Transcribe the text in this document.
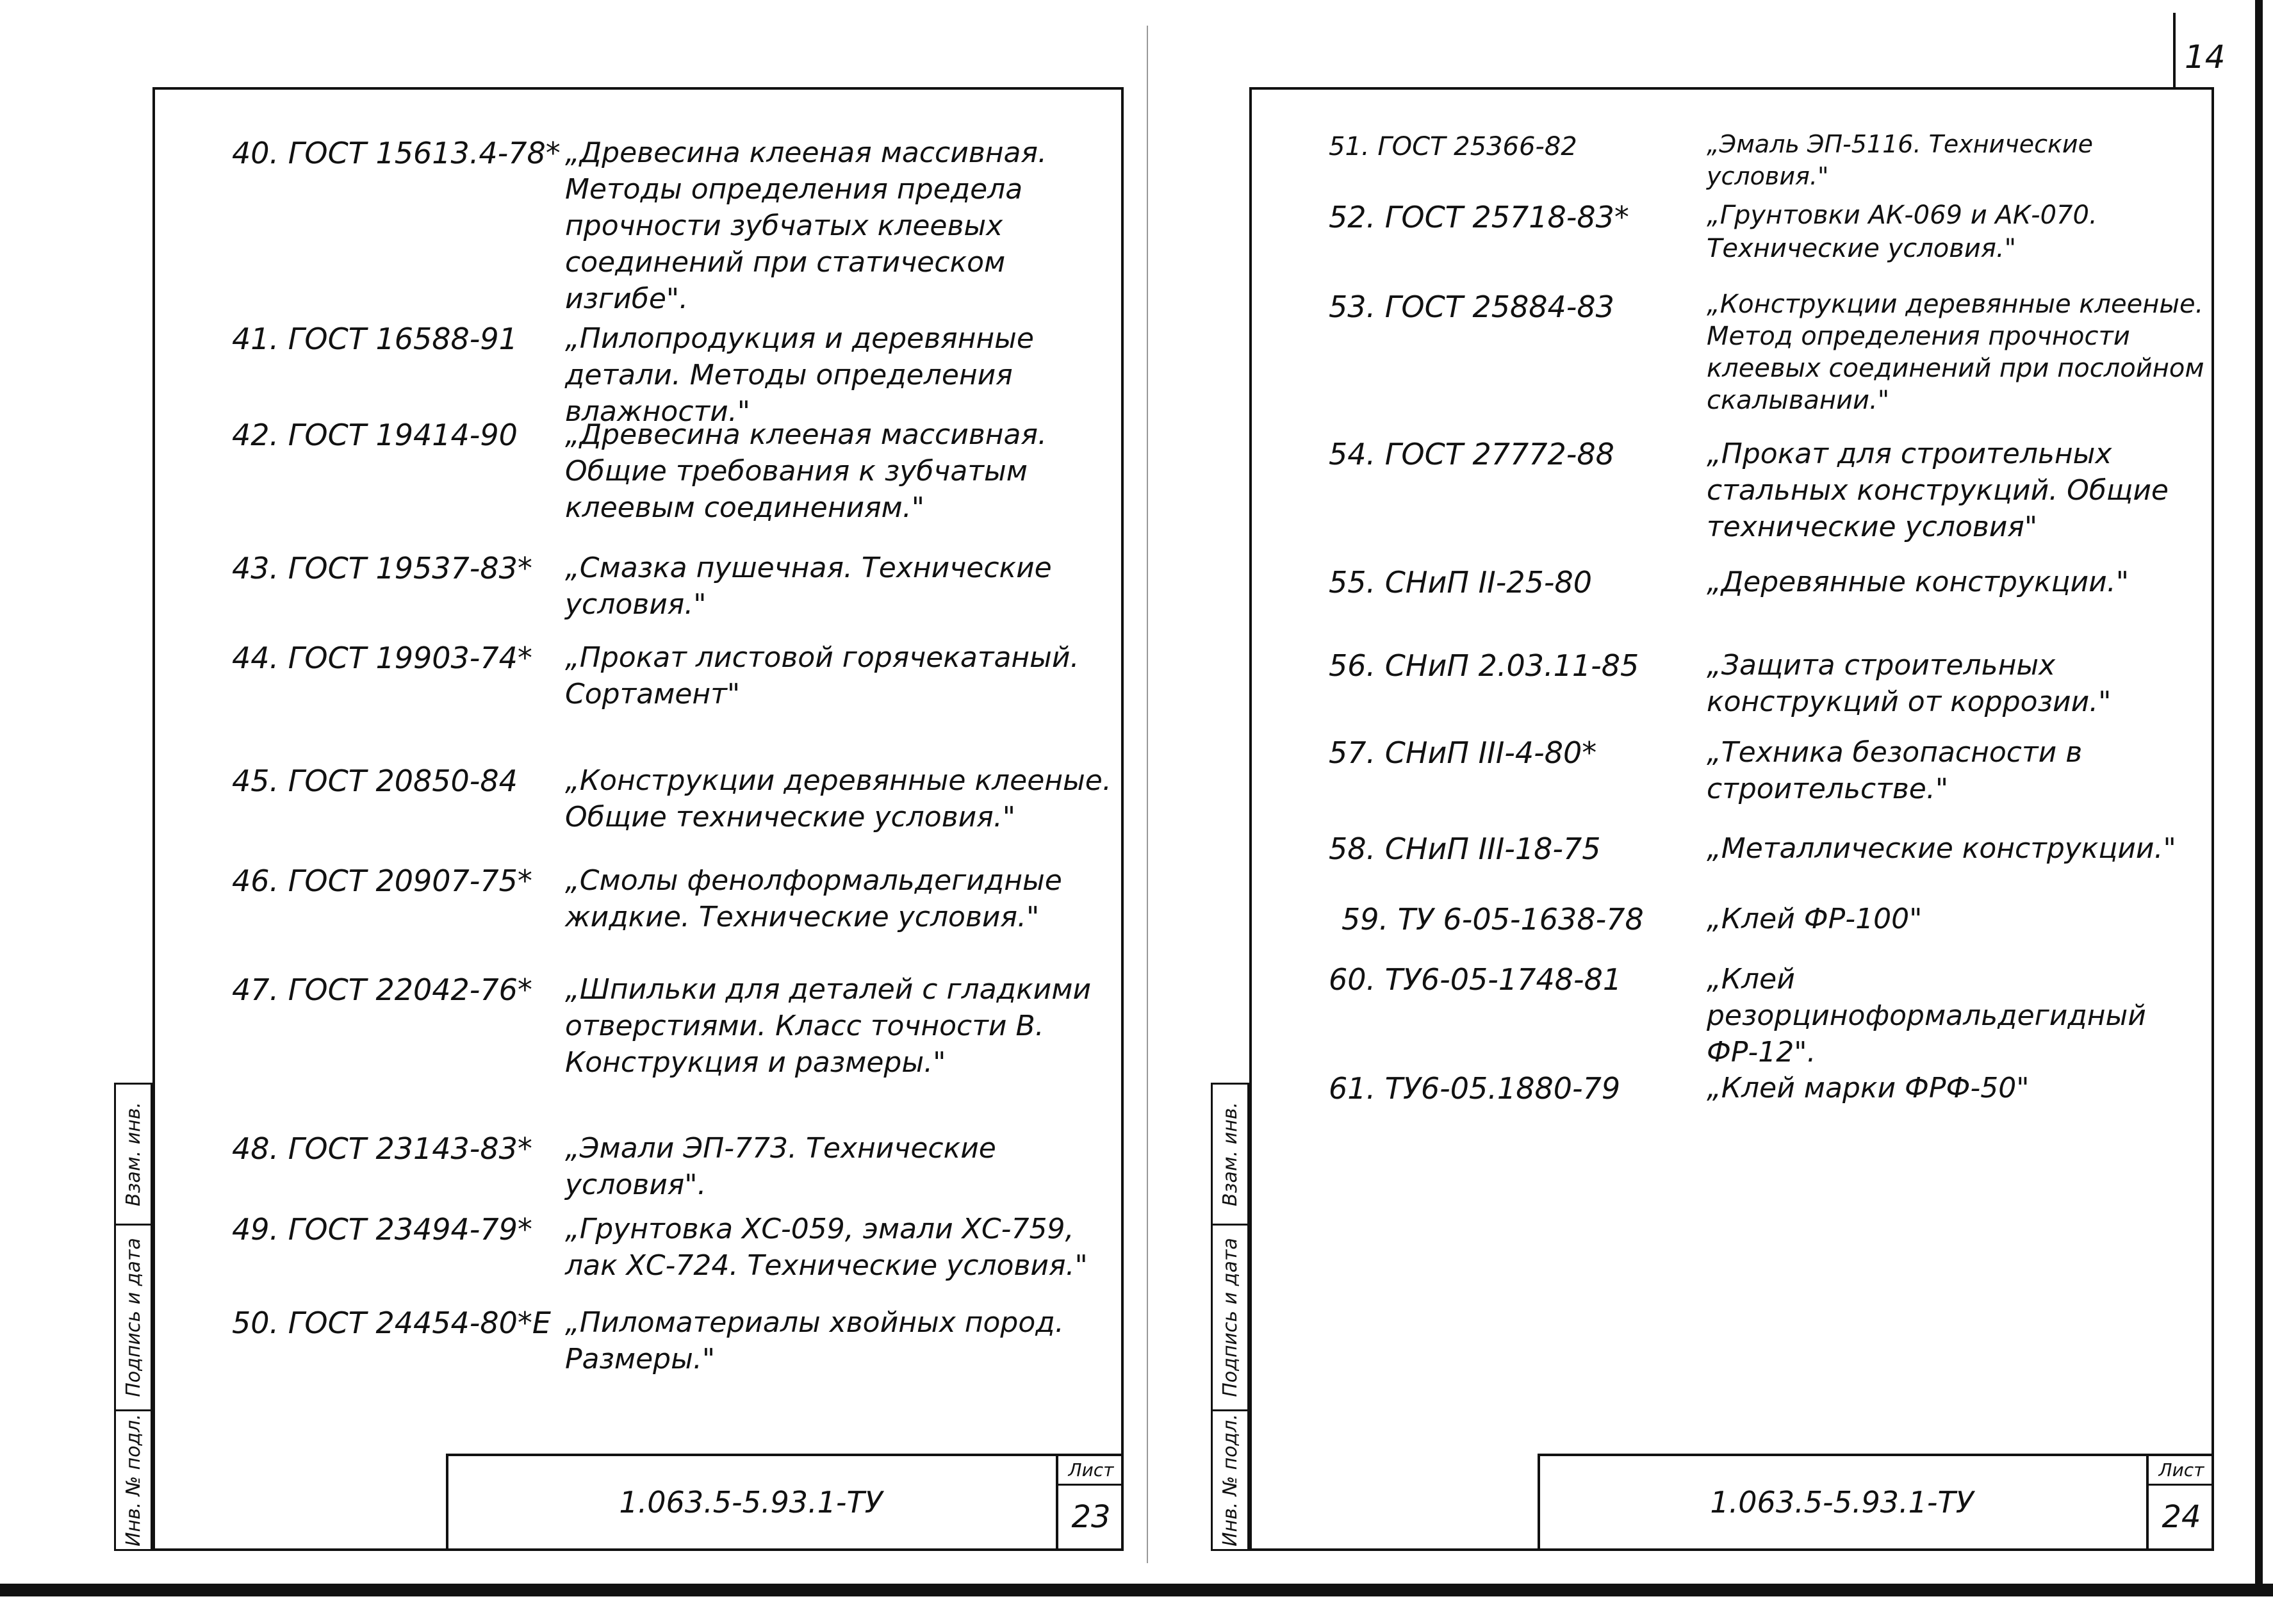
14
40. ГОСТ 15613.4-78* „Древесина клееная массивная. Методы определения предела прочности зубчатых клеевых соединений при статическом изгибе".
41. ГОСТ 16588-91 „Пилопродукция и деревянные детали. Методы определения влажности."
42. ГОСТ 19414-90 „Древесина клееная массивная. Общие требования к зубчатым клеевым соединениям."
43. ГОСТ 19537-83* „Смазка пушечная. Технические условия."
44. ГОСТ 19903-74* „Прокат листовой горячекатаный. Сортамент"
45. ГОСТ 20850-84 „Конструкции деревянные клееные. Общие технические условия."
46. ГОСТ 20907-75* „Смолы фенолформальдегидные жидкие. Технические условия."
47. ГОСТ 22042-76* „Шпильки для деталей с гладкими отверстиями. Класс точности В. Конструкция и размеры."
48. ГОСТ 23143-83* „Эмали ЭП-773. Технические условия".
49. ГОСТ 23494-79* „Грунтовка ХС-059, эмали ХС-759, лак ХС-724. Технические условия."
50. ГОСТ 24454-80*Е „Пиломатериалы хвойных пород. Размеры."
1.063.5-5.93.1-ТУ
Лист
23
Взам. инв.
Подпись и дата
Инв. № подл.
51. ГОСТ 25366-82	„Эмаль ЭП-5116. Технические условия."
52. ГОСТ 25718-83*	„Грунтовки АК-069 и АК-070. Технические условия."
53. ГОСТ 25884-83	„Конструкции деревянные клееные. Метод определения прочности клеевых соединений при послойном скалывании."
54. ГОСТ 27772-88	„Прокат для строительных стальных конструкций. Общие технические условия"
55. СНиП II-25-80	„Деревянные конструкции."
56. СНиП 2.03.11-85 „Защита строительных конструкций от коррозии."
57. СНиП III-4-80*	„Техника безопасности в строительстве."
58. СНиП III-18-75	„Металлические конструкции."
59. ТУ 6-05-1638-78 „Клей ФР-100"
60. ТУ6-05-1748-81	„Клей резорциноформальдегидный ФР-12".
61. ТУ6-05.1880-79	„Клей марки ФРФ-50"
1.063.5-5.93.1-ТУ
Лист
24
Взам. инв.
Подпись и дата
Инв. № подл.
